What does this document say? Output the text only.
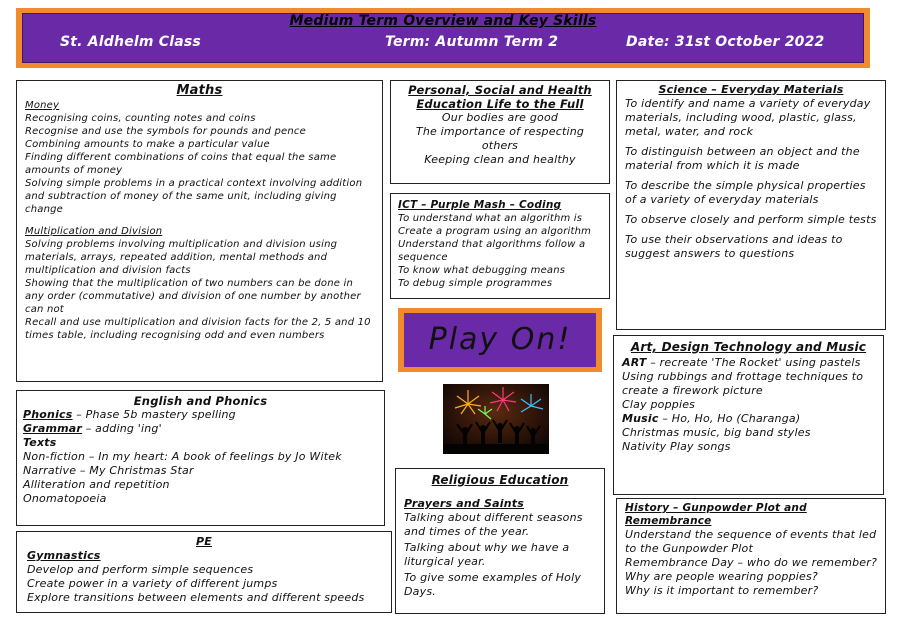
Medium Term Overview and Key Skills
St. Aldhelm Class	Term: Autumn Term 2	Date: 31st October 2022
Maths

Money

Recognising coins, counting notes and coins

Recognise and use the symbols for pounds and pence

Combining amounts to make a particular value

Finding different combinations of coins that equal the same amounts of money

Solving simple problems in a practical context involving addition and subtraction of money of the same unit, including giving change

Multiplication and Division

Solving problems involving multiplication and division using materials, arrays, repeated addition, mental methods and multiplication and division facts

Showing that the multiplication of two numbers can be done in any order (commutative) and division of one number by another can not

Recall and use multiplication and division facts for the 2, 5 and 10 times table, including recognising odd and even numbers

Personal, Social and Health Education Life to the Full

Our bodies are good

The importance of respecting others

Keeping clean and healthy

ICT – Purple Mash – Coding

To understand what an algorithm is

Create a program using an algorithm

Understand that algorithms follow a sequence

To know what debugging means

To debug simple programmes

Science – Everyday Materials

To identify and name a variety of everyday materials, including wood, plastic, glass, metal, water, and rock

To distinguish between an object and the material from which it is made

To describe the simple physical properties of a variety of everyday materials

To observe closely and perform simple tests

To use their observations and ideas to suggest answers to questions

Play On!	Art, Design Technology and Music

ART – recreate 'The Rocket' using pastels

Using rubbings and frottage techniques to create a firework picture

Clay poppies

Music – Ho, Ho, Ho (Charanga)

Christmas music, big band styles

Nativity Play songs

English and Phonics

Phonics – Phase 5b mastery spelling

Grammar – adding 'ing'

Texts

Non-fiction – In my heart: A book of feelings by Jo Witek

Narrative – My Christmas Star

Alliteration and repetition

Onomatopoeia

Religious Education

Prayers and Saints

Talking about different seasons and times of the year.

Talking about why we have a liturgical year.

To give some examples of Holy Days.

History – Gunpowder Plot and Remembrance

Understand the sequence of events that led to the Gunpowder Plot

Remembrance Day – who do we remember?

Why are people wearing poppies?

Why is it important to remember?

PE

Gymnastics

Develop and perform simple sequences

Create power in a variety of different jumps

Explore transitions between elements and different speeds
